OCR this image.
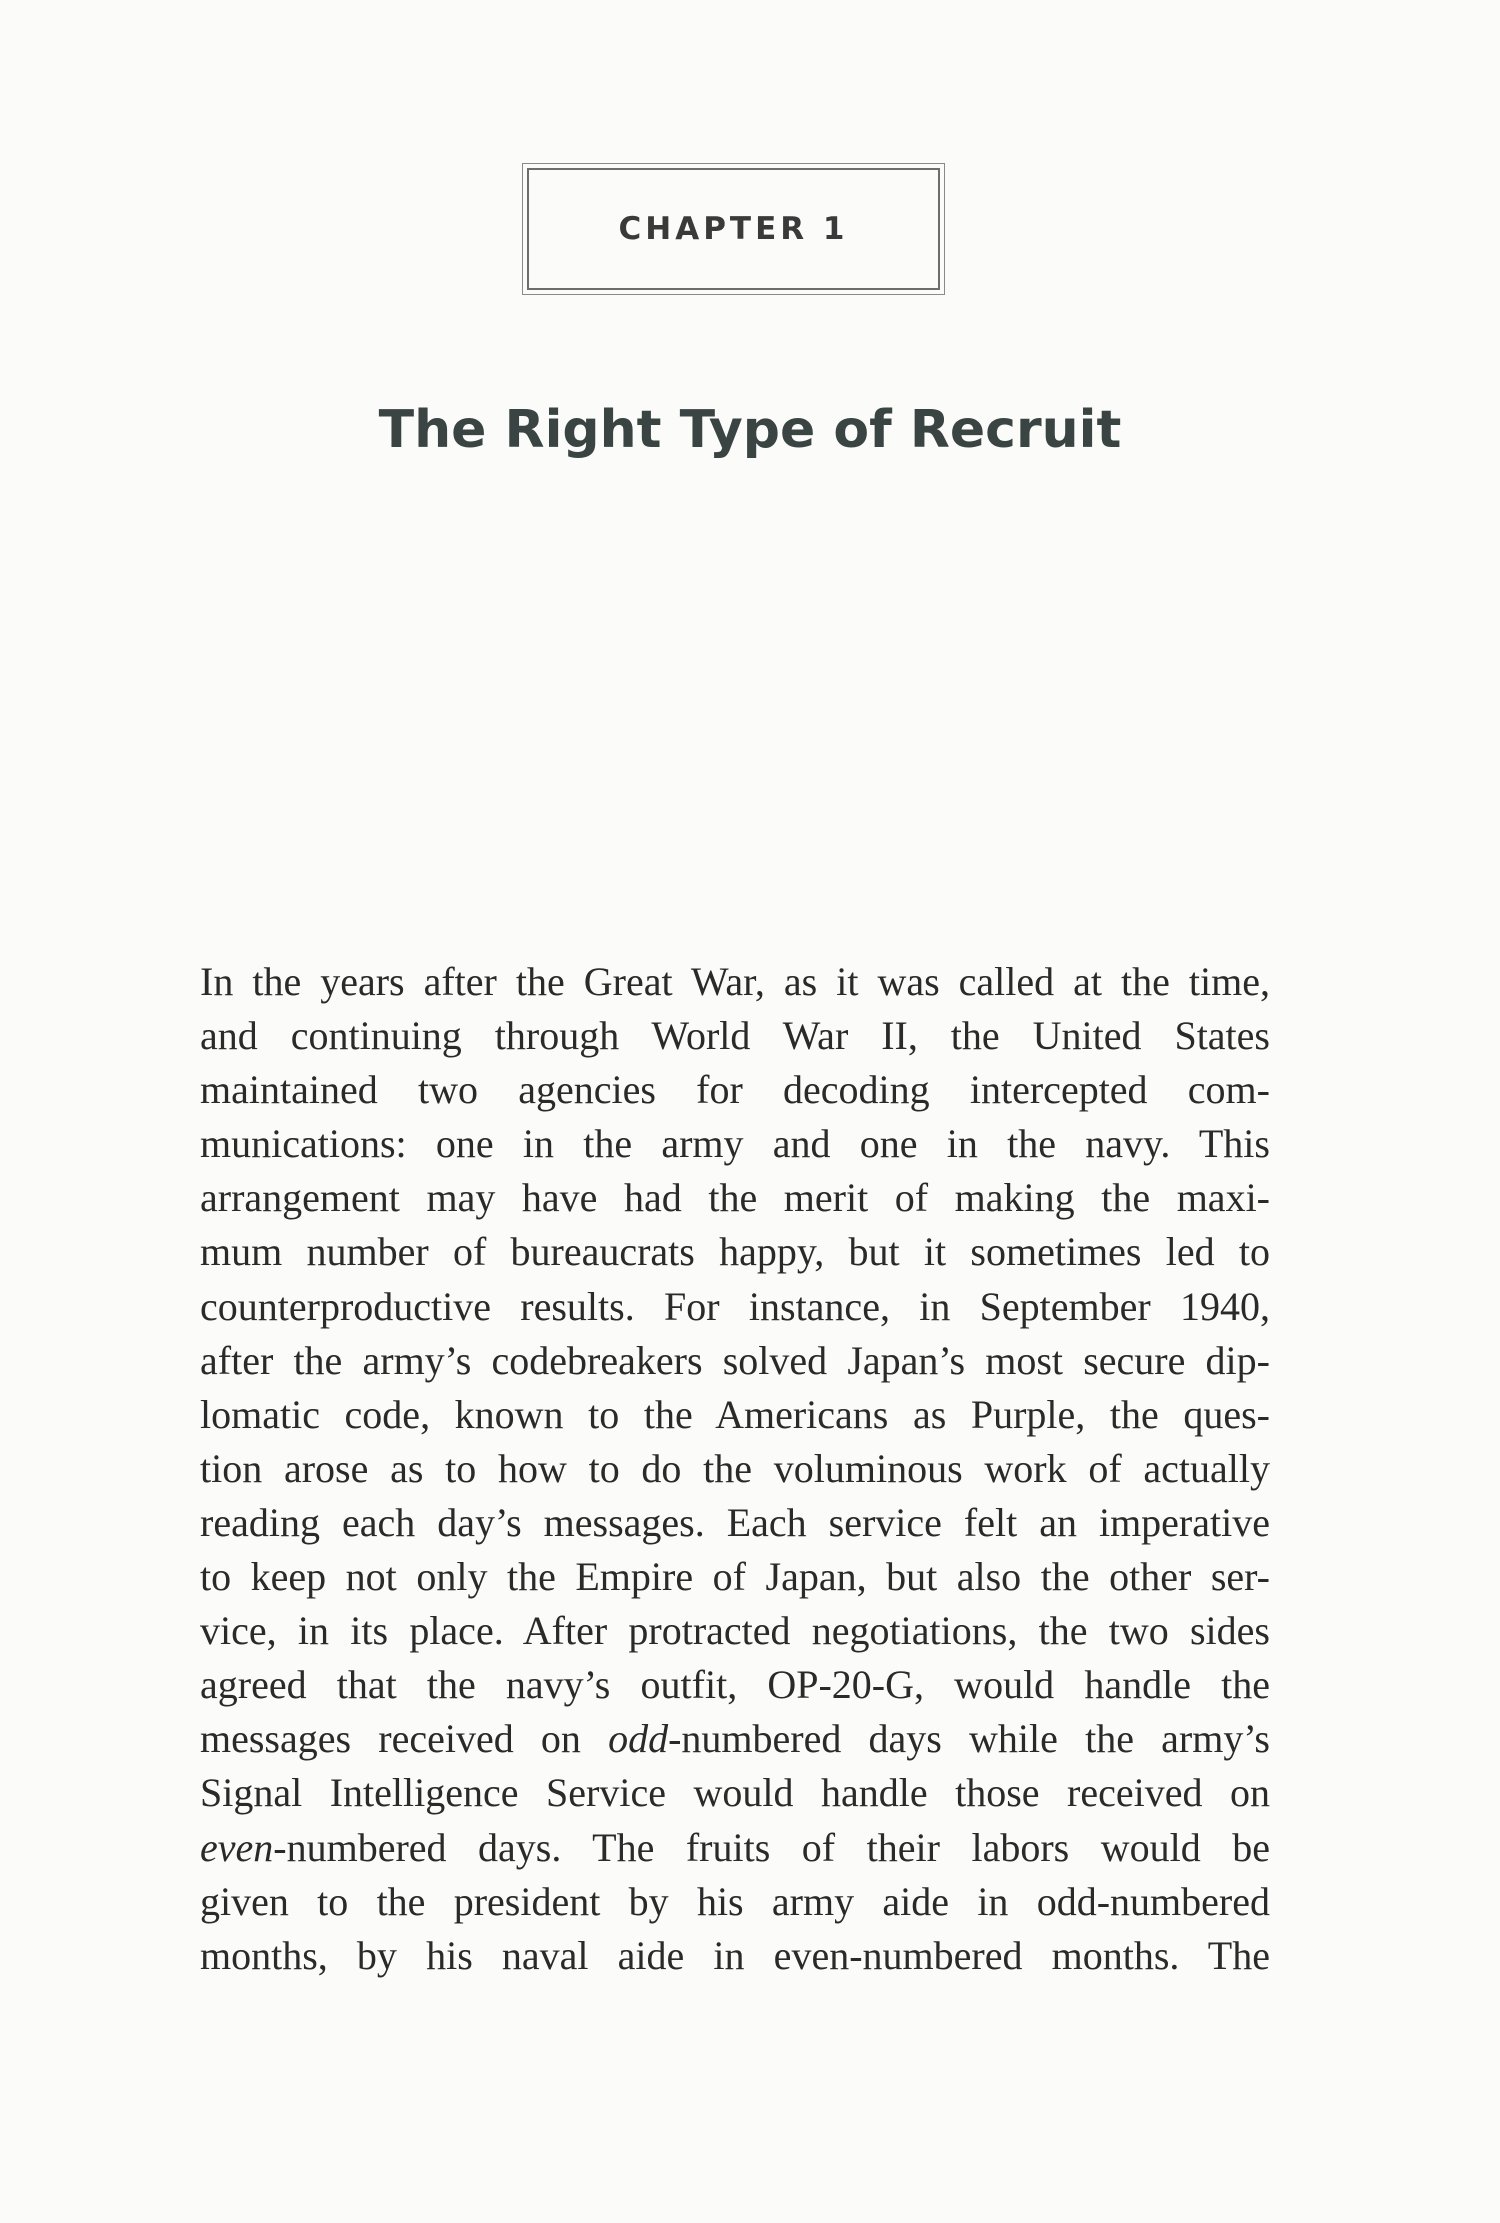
CHAPTER 1
The Right Type of Recruit
In the years after the Great War, as it was called at the time,
and continuing through World War II, the United States
maintained two agencies for decoding intercepted com-
munications: one in the army and one in the navy. This
arrangement may have had the merit of making the maxi-
mum number of bureaucrats happy, but it sometimes led to
counterproductive results. For instance, in September 1940,
after the army’s codebreakers solved Japan’s most secure dip-
lomatic code, known to the Americans as Purple, the ques-
tion arose as to how to do the voluminous work of actually
reading each day’s messages. Each service felt an imperative
to keep not only the Empire of Japan, but also the other ser-
vice, in its place. After protracted negotiations, the two sides
agreed that the navy’s outfit, OP-20-G, would handle the
messages received on odd-numbered days while the army’s
Signal Intelligence Service would handle those received on
even-numbered days. The fruits of their labors would be
given to the president by his army aide in odd-numbered
months, by his naval aide in even-numbered months. The
